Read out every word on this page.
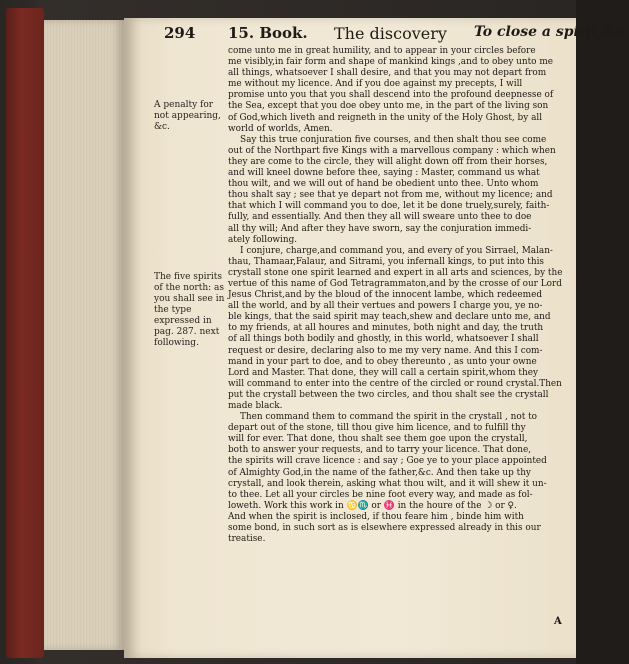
294 15. Book. The discovery To close a spirit,&c.
A penalty for not appearing, &c.
The five spirits of the north: as you shall see in the type expressed in pag. 287. next following.

come unto me in great humility, and to appear in your circles before

me visibly,in fair form and shape of mankind kings ,and to obey unto me

all things, whatsoever I shall desire, and that you may not depart from

me without my licence. And if you doe against my precepts, I will

promise unto you that you shall descend into the profound deepnesse of

the Sea, except that you doe obey unto me, in the part of the living son

of God,which liveth and reigneth in the unity of the Holy Ghost, by all

world of worlds, Amen.

Say this true conjuration five courses, and then shalt thou see come

out of the Northpart five Kings with a marvellous company : which when

they are come to the circle, they will alight down off from their horses,

and will kneel downe before thee, saying : Master, command us what

thou wilt, and we will out of hand be obedient unto thee. Unto whom

thou shalt say ; see that ye depart not from me, without my licence; and

that which I will command you to doe, let it be done truely,surely, faith-

fully, and essentially. And then they all will sweare unto thee to doe

all thy will; And after they have sworn, say the conjuration immedi-

ately following.

I conjure, charge,and command you, and every of you Sirrael, Malan-

thau, Thamaar,Falaur, and Sitrami, you infernall kings, to put into this

crystall stone one spirit learned and expert in all arts and sciences, by the

vertue of this name of God Tetragrammaton,and by the crosse of our Lord

Jesus Christ,and by the bloud of the innocent lambe, which redeemed

all the world, and by all their vertues and powers I charge you, ye no-

ble kings, that the said spirit may teach,shew and declare unto me, and

to my friends, at all houres and minutes, both night and day, the truth

of all things both bodily and ghostly, in this world, whatsoever I shall

request or desire, declaring also to me my very name. And this I com-

mand in your part to doe, and to obey thereunto , as unto your owne

Lord and Master. That done, they will call a certain spirit,whom they

will command to enter into the centre of the circled or round crystal.Then

put the crystall between the two circles, and thou shalt see the crystall

made black.

Then command them to command the spirit in the crystall , not to

depart out of the stone, till thou give him licence, and to fulfill thy

will for ever. That done, thou shalt see them goe upon the crystall,

both to answer your requests, and to tarry your licence. That done,

the spirits will crave licence : and say ; Goe ye to your place appointed

of Almighty God,in the name of the father,&c. And then take up thy

crystall, and look therein, asking what thou wilt, and it will shew it un-

to thee. Let all your circles be nine foot every way, and made as fol-

loweth. Work this work in ♋♏ or ♓ in the houre of the ☽ or ♀.

And when the spirit is inclosed, if thou feare him , binde him with

some bond, in such sort as is elsewhere expressed already in this our

treatise.

A
